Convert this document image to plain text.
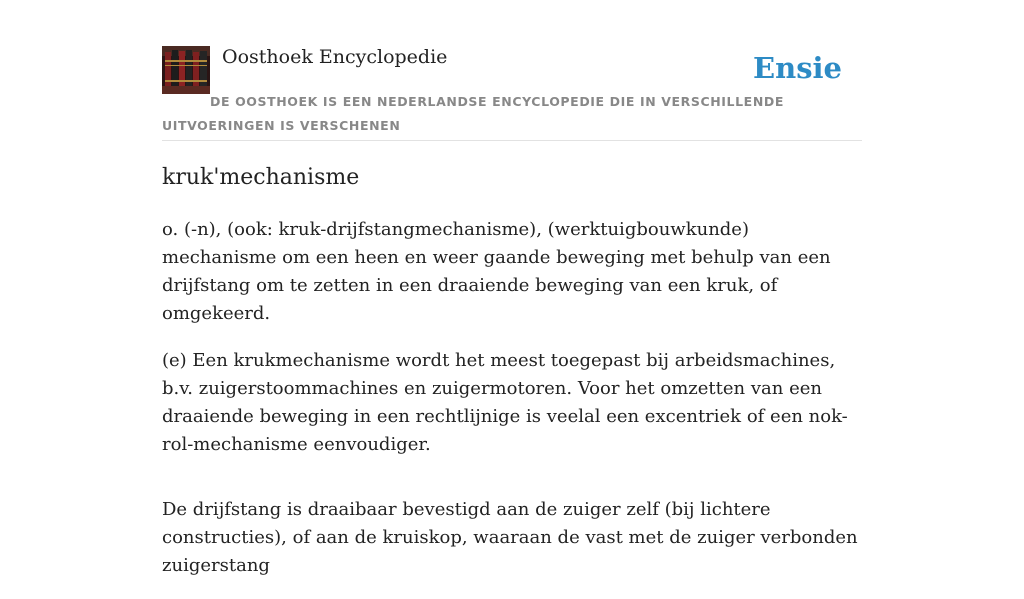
Oosthoek Encyclopedie	Ensie
DE OOSTHOEK IS EEN NEDERLANDSE ENCYCLOPEDIE DIE IN VERSCHILLENDE UITVOERINGEN IS VERSCHENEN
kruk'mechanisme

o. (-n), (ook: kruk-drijfstangmechanisme), (werktuigbouwkunde) mechanisme om een heen en weer gaande beweging met behulp van een drijfstang om te zetten in een draaiende beweging van een kruk, of omgekeerd.

(e) Een krukmechanisme wordt het meest toegepast bij arbeidsmachines, b.v. zuigerstoommachines en zuigermotoren. Voor het omzetten van een draaiende beweging in een rechtlijnige is veelal een excentriek of een nok-rol-mechanisme eenvoudiger.

De drijfstang is draaibaar bevestigd aan de zuiger zelf (bij lichtere constructies), of aan de kruiskop, waaraan de vast met de zuiger verbonden zuigerstang
